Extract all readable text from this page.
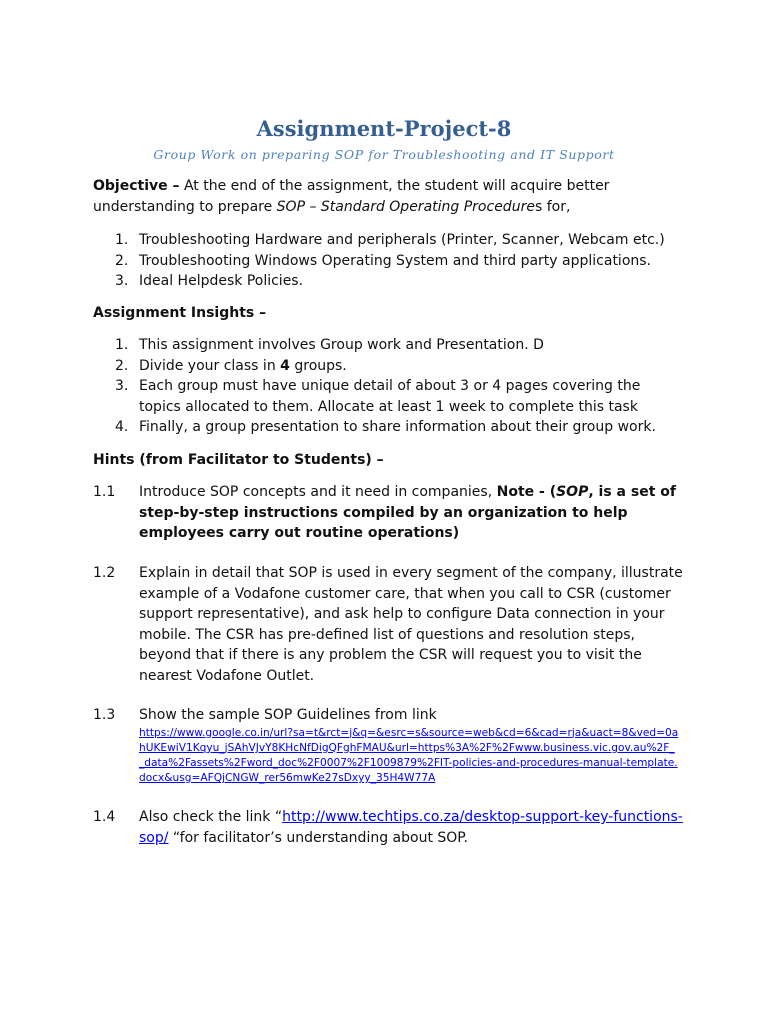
Assignment-Project-8
Group Work on preparing SOP for Troubleshooting and IT Support
Objective – At the end of the assignment, the student will acquire better understanding to prepare SOP – Standard Operating Procedures for,
1. Troubleshooting Hardware and peripherals (Printer, Scanner, Webcam etc.)
2. Troubleshooting Windows Operating System and third party applications.
3. Ideal Helpdesk Policies.
Assignment Insights –
1. This assignment involves Group work and Presentation. D
2. Divide your class in 4 groups.
3. Each group must have unique detail of about 3 or 4 pages covering the topics allocated to them. Allocate at least 1 week to complete this task
4. Finally, a group presentation to share information about their group work.
Hints (from Facilitator to Students) –
1.1 Introduce SOP concepts and it need in companies, Note - (SOP, is a set of step-by-step instructions compiled by an organization to help employees carry out routine operations)
1.2 Explain in detail that SOP is used in every segment of the company, illustrate example of a Vodafone customer care, that when you call to CSR (customer support representative), and ask help to configure Data connection in your mobile. The CSR has pre-defined list of questions and resolution steps, beyond that if there is any problem the CSR will request you to visit the nearest Vodafone Outlet.
1.3 Show the sample SOP Guidelines from link
https://www.google.co.in/url?sa=t&rct=j&q=&esrc=s&source=web&cd=6&cad=rja&uact=8&ved=0ahUKEwiV1Kqyu_jSAhVJvY8KHcNfDigQFghFMAU&url=https%3A%2F%2Fwww.business.vic.gov.au%2F__data%2Fassets%2Fword_doc%2F0007%2F1009879%2FIT-policies-and-procedures-manual-template.docx&usg=AFQjCNGW_rer56mwKe27sDxyy_35H4W77A
1.4 Also check the link “http://www.techtips.co.za/desktop-support-key-functions-sop/ “for facilitator’s understanding about SOP.
